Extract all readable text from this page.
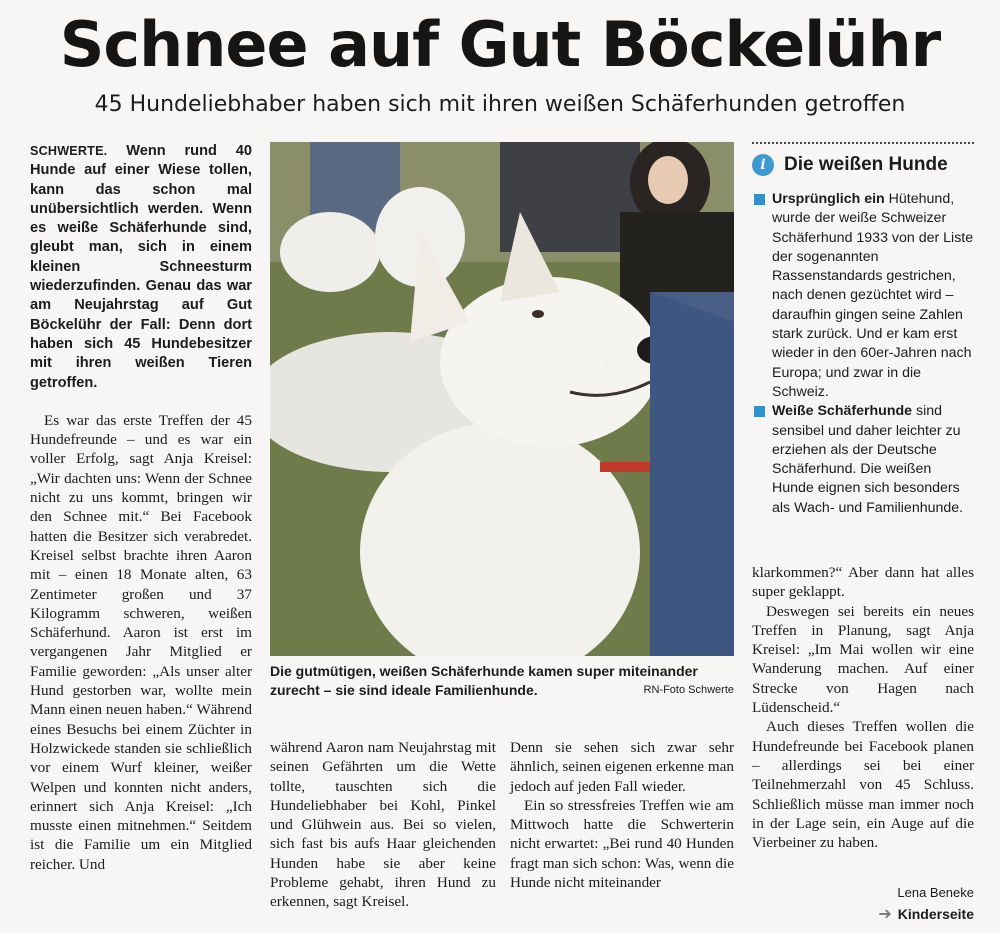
Schnee auf Gut Böckelühr
45 Hundeliebhaber haben sich mit ihren weißen Schäferhunden getroffen

SCHWERTE. Wenn rund 40 Hunde auf einer Wiese tollen, kann das schon mal unübersichtlich werden. Wenn es weiße Schäferhunde sind, gleubt man, sich in einem kleinen Schneesturm wiederzufinden. Genau das war am Neujahrstag auf Gut Böckelühr der Fall: Denn dort haben sich 45 Hundebesitzer mit ihren weißen Tieren getroffen.

Es war das erste Treffen der 45 Hundefreunde – und es war ein voller Erfolg, sagt Anja Kreisel: „Wir dachten uns: Wenn der Schnee nicht zu uns kommt, bringen wir den Schnee mit.“ Bei Facebook hatten die Besitzer sich verabredet. Kreisel selbst brachte ihren Aaron mit – einen 18 Monate alten, 63 Zentimeter großen und 37 Kilogramm schweren, weißen Schäferhund. Aaron ist erst im vergangenen Jahr Mitglied er Familie geworden: „Als unser alter Hund gestorben war, wollte mein Mann einen neuen haben.“ Während eines Besuchs bei einem Züchter in Holzwickede standen sie schließlich vor einem Wurf kleiner, weißer Welpen und konnten nicht anders, erinnert sich Anja Kreisel: „Ich musste einen mitnehmen.“ Seitdem ist die Familie um ein Mitglied reicher. Und

Die gutmütigen, weißen Schäferhunde kamen super miteinander zurecht – sie sind ideale Familienhunde.	RN-Foto Schwerte
i Die weißen Hunde
Ursprünglich ein Hütehund, wurde der weiße Schweizer Schäferhund 1933 von der Liste der sogenannten Rassenstandards gestrichen, nach denen gezüchtet wird – daraufhin gingen seine Zahlen stark zurück. Und er kam erst wieder in den 60er-Jahren nach Europa; und zwar in die Schweiz.
Weiße Schäferhunde sind sensibel und daher leichter zu erziehen als der Deutsche Schäferhund. Die weißen Hunde eignen sich besonders als Wach- und Familienhunde.

während Aaron nam Neujahrstag mit seinen Gefährten um die Wette tollte, tauschten sich die Hundeliebhaber bei Kohl, Pinkel und Glühwein aus. Bei so vielen, sich fast bis aufs Haar gleichenden Hunden habe sie aber keine Probleme gehabt, ihren Hund zu erkennen, sagt Kreisel.

Denn sie sehen sich zwar sehr ähnlich, seinen eigenen erkenne man jedoch auf jeden Fall wieder.

Ein so stressfreies Treffen wie am Mittwoch hatte die Schwerterin nicht erwartet: „Bei rund 40 Hunden fragt man sich schon: Was, wenn die Hunde nicht miteinander

klarkommen?“ Aber dann hat alles super geklappt.

Deswegen sei bereits ein neues Treffen in Planung, sagt Anja Kreisel: „Im Mai wollen wir eine Wanderung machen. Auf einer Strecke von Hagen nach Lüdenscheid.“

Auch dieses Treffen wollen die Hundefreunde bei Facebook planen – allerdings sei bei einer Teilnehmerzahl von 45 Schluss. Schließlich müsse man immer noch in der Lage sein, ein Auge auf die Vierbeiner zu haben.

Lena Beneke
➔ Kinderseite
